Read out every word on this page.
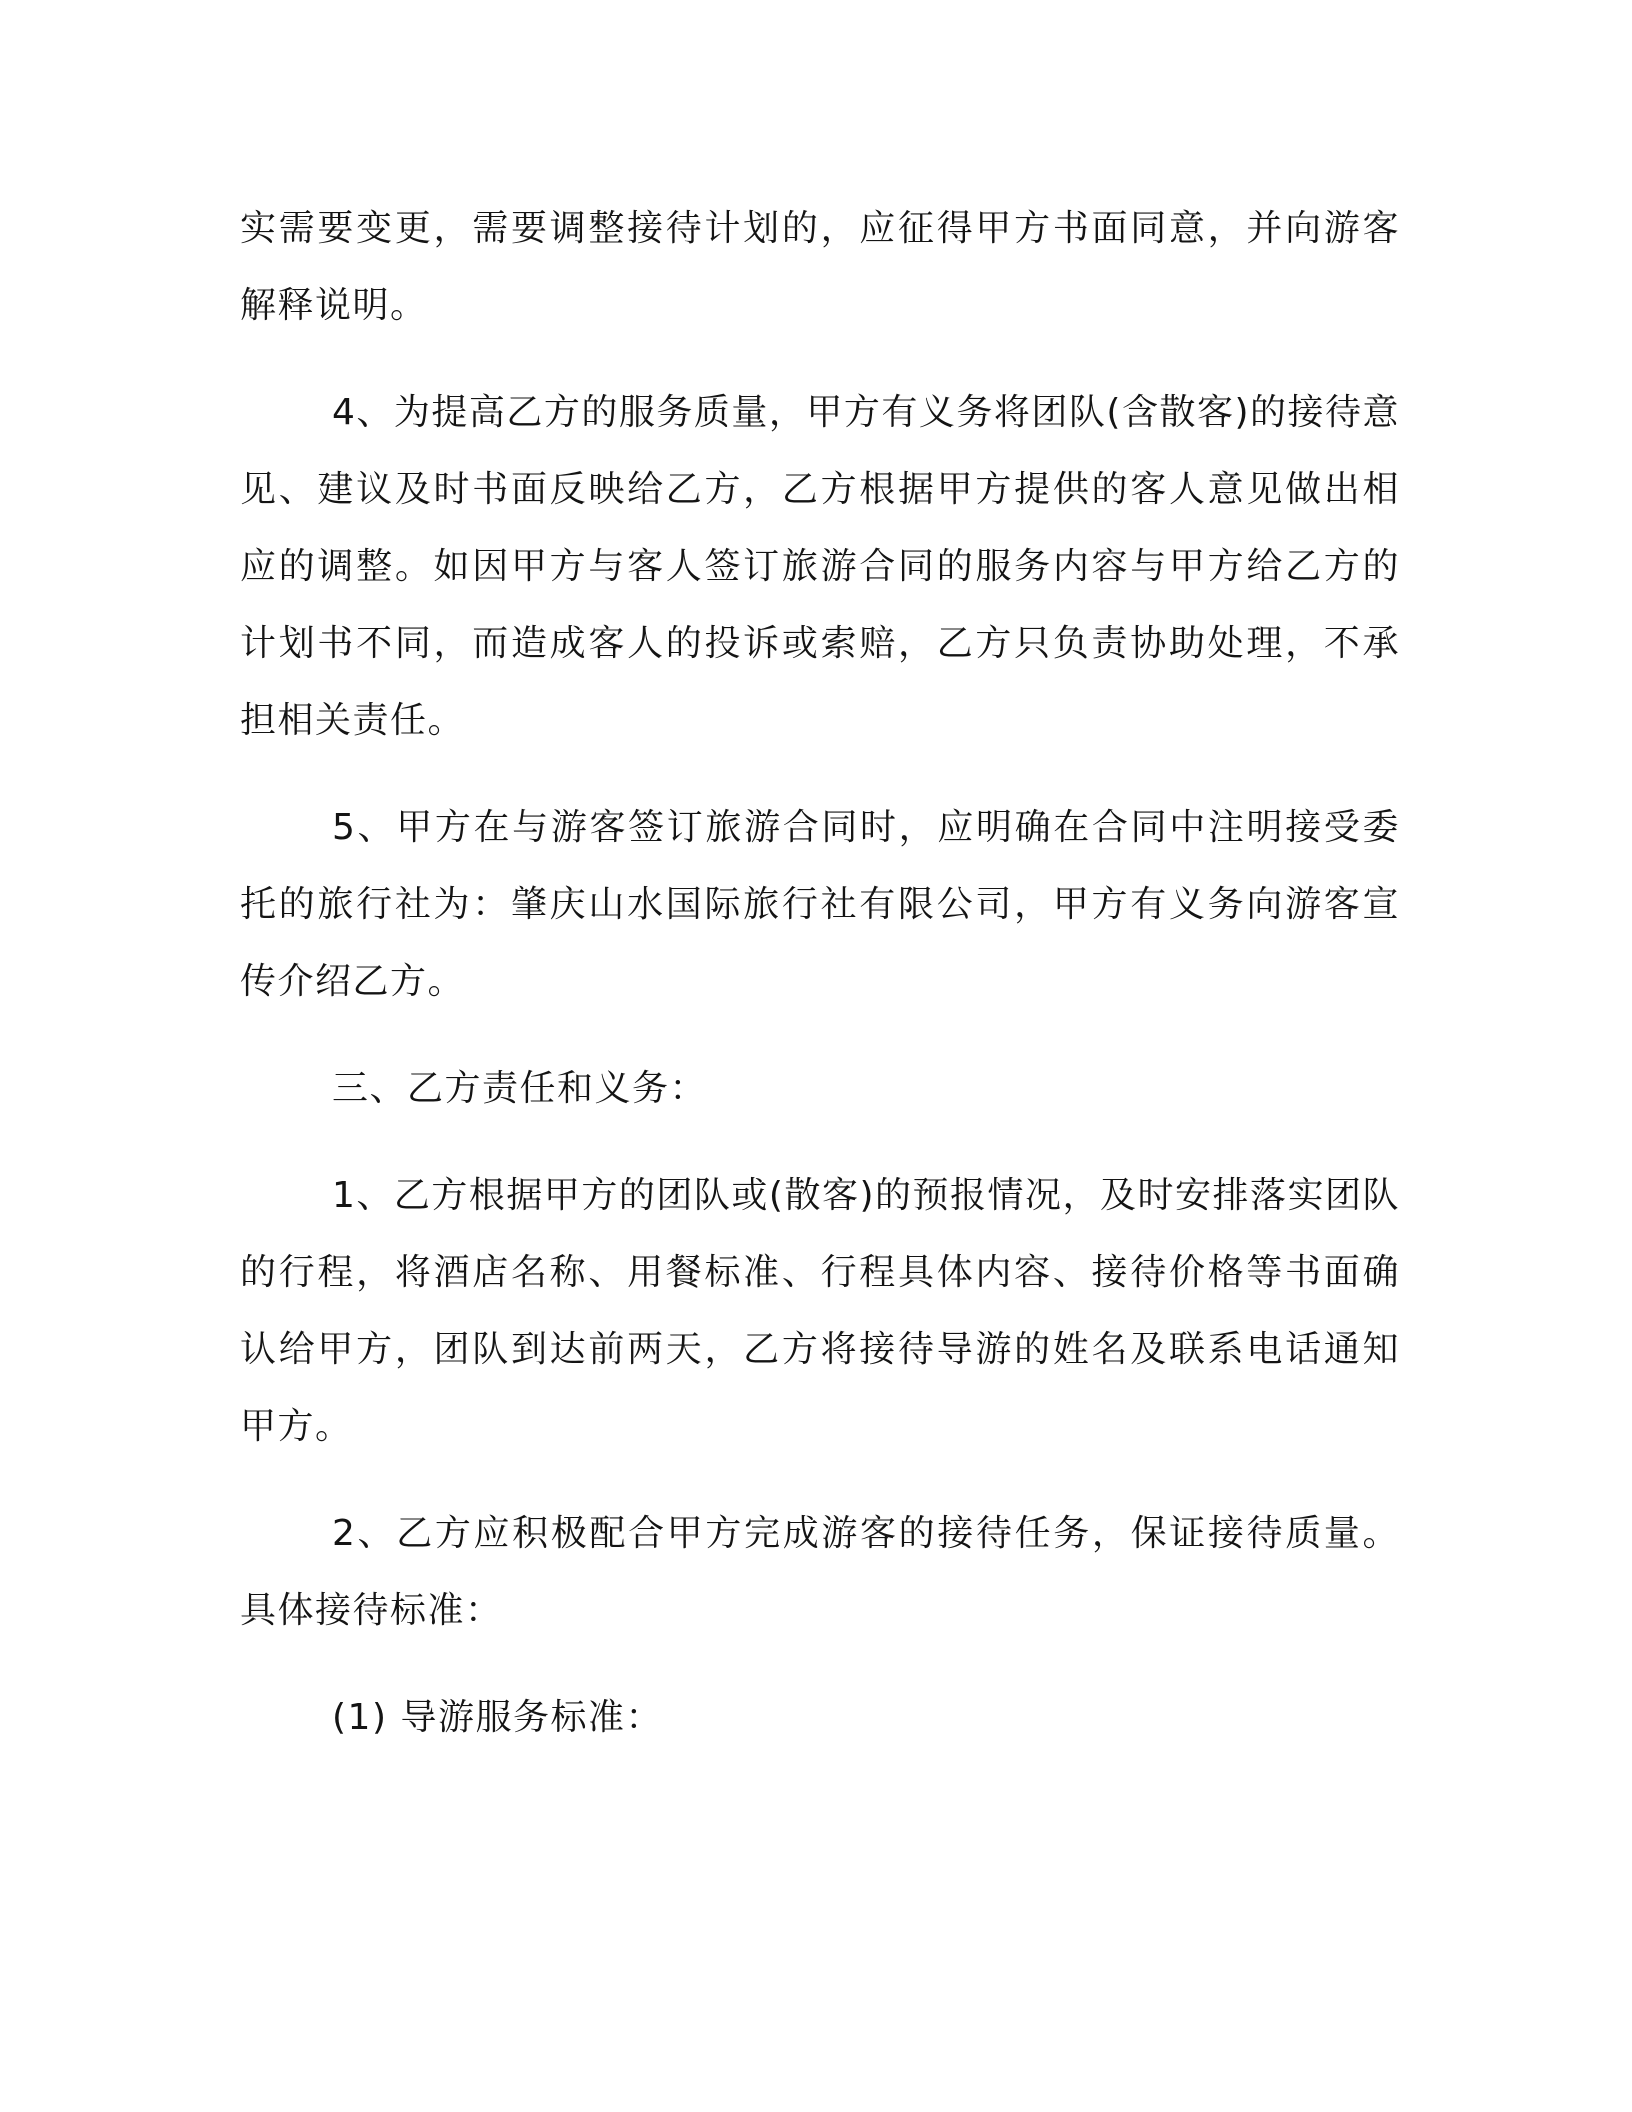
实需要变更，需要调整接待计划的，应征得甲方书面同意，并向游客解释说明。

4、为提高乙方的服务质量，甲方有义务将团队(含散客)的接待意见、建议及时书面反映给乙方，乙方根据甲方提供的客人意见做出相应的调整。如因甲方与客人签订旅游合同的服务内容与甲方给乙方的计划书不同，而造成客人的投诉或索赔，乙方只负责协助处理，不承担相关责任。

5、甲方在与游客签订旅游合同时，应明确在合同中注明接受委托的旅行社为：肇庆山水国际旅行社有限公司，甲方有义务向游客宣传介绍乙方。

三、乙方责任和义务：

1、乙方根据甲方的团队或(散客)的预报情况，及时安排落实团队的行程，将酒店名称、用餐标准、行程具体内容、接待价格等书面确认给甲方，团队到达前两天，乙方将接待导游的姓名及联系电话通知甲方。

2、乙方应积极配合甲方完成游客的接待任务，保证接待质量。具体接待标准：

(1) 导游服务标准：
